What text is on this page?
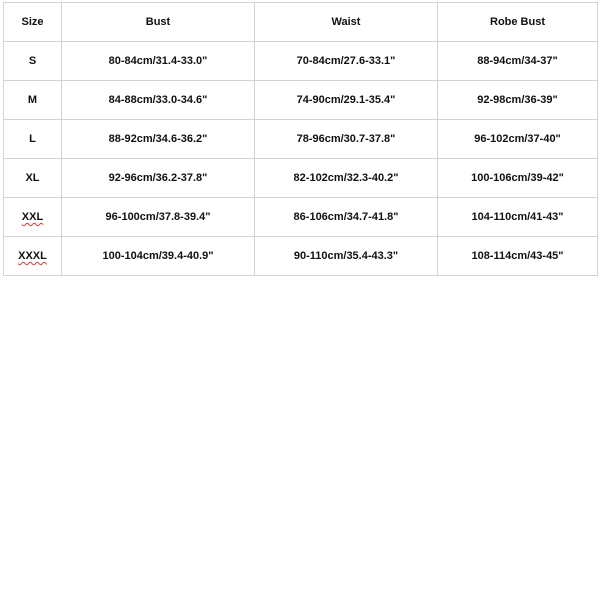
Size	Bust	Waist	Robe Bust
S	80-84cm/31.4-33.0"	70-84cm/27.6-33.1"	88-94cm/34-37"
M	84-88cm/33.0-34.6"	74-90cm/29.1-35.4"	92-98cm/36-39"
L	88-92cm/34.6-36.2"	78-96cm/30.7-37.8"	96-102cm/37-40"
XL	92-96cm/36.2-37.8"	82-102cm/32.3-40.2"	100-106cm/39-42"
XXL	96-100cm/37.8-39.4"	86-106cm/34.7-41.8"	104-110cm/41-43"
XXXL	100-104cm/39.4-40.9"	90-110cm/35.4-43.3"	108-114cm/43-45"
